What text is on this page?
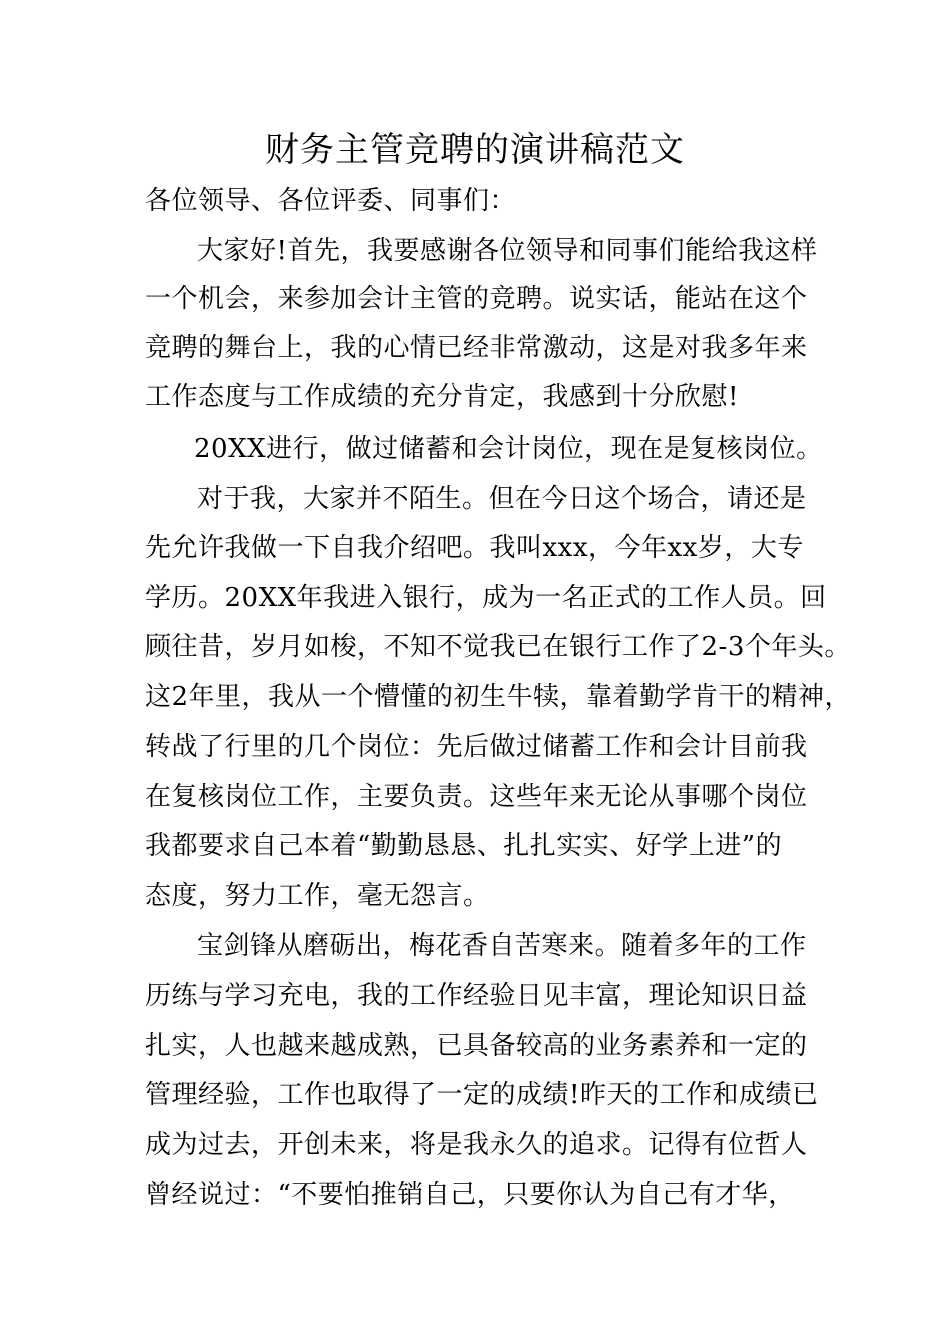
财务主管竞聘的演讲稿范文
各位领导、各位评委、同事们：
大家好!首先，我要感谢各位领导和同事们能给我这样
一个机会，来参加会计主管的竞聘。说实话，能站在这个
竞聘的舞台上，我的心情已经非常激动，这是对我多年来
工作态度与工作成绩的充分肯定，我感到十分欣慰!
20XX进行，做过储蓄和会计岗位，现在是复核岗位。
对于我，大家并不陌生。但在今日这个场合，请还是
先允许我做一下自我介绍吧。我叫xxx，今年xx岁，大专
学历。20XX年我进入银行，成为一名正式的工作人员。回
顾往昔，岁月如梭，不知不觉我已在银行工作了2-3个年头。
这2年里，我从一个懵懂的初生牛犊，靠着勤学肯干的精神，
转战了行里的几个岗位：先后做过储蓄工作和会计目前我
在复核岗位工作，主要负责。这些年来无论从事哪个岗位
我都要求自己本着“勤勤恳恳、扎扎实实、好学上进”的
态度，努力工作，毫无怨言。
宝剑锋从磨砺出，梅花香自苦寒来。随着多年的工作
历练与学习充电，我的工作经验日见丰富，理论知识日益
扎实，人也越来越成熟，已具备较高的业务素养和一定的
管理经验，工作也取得了一定的成绩!昨天的工作和成绩已
成为过去，开创未来，将是我永久的追求。记得有位哲人
曾经说过：“不要怕推销自己，只要你认为自己有才华，
